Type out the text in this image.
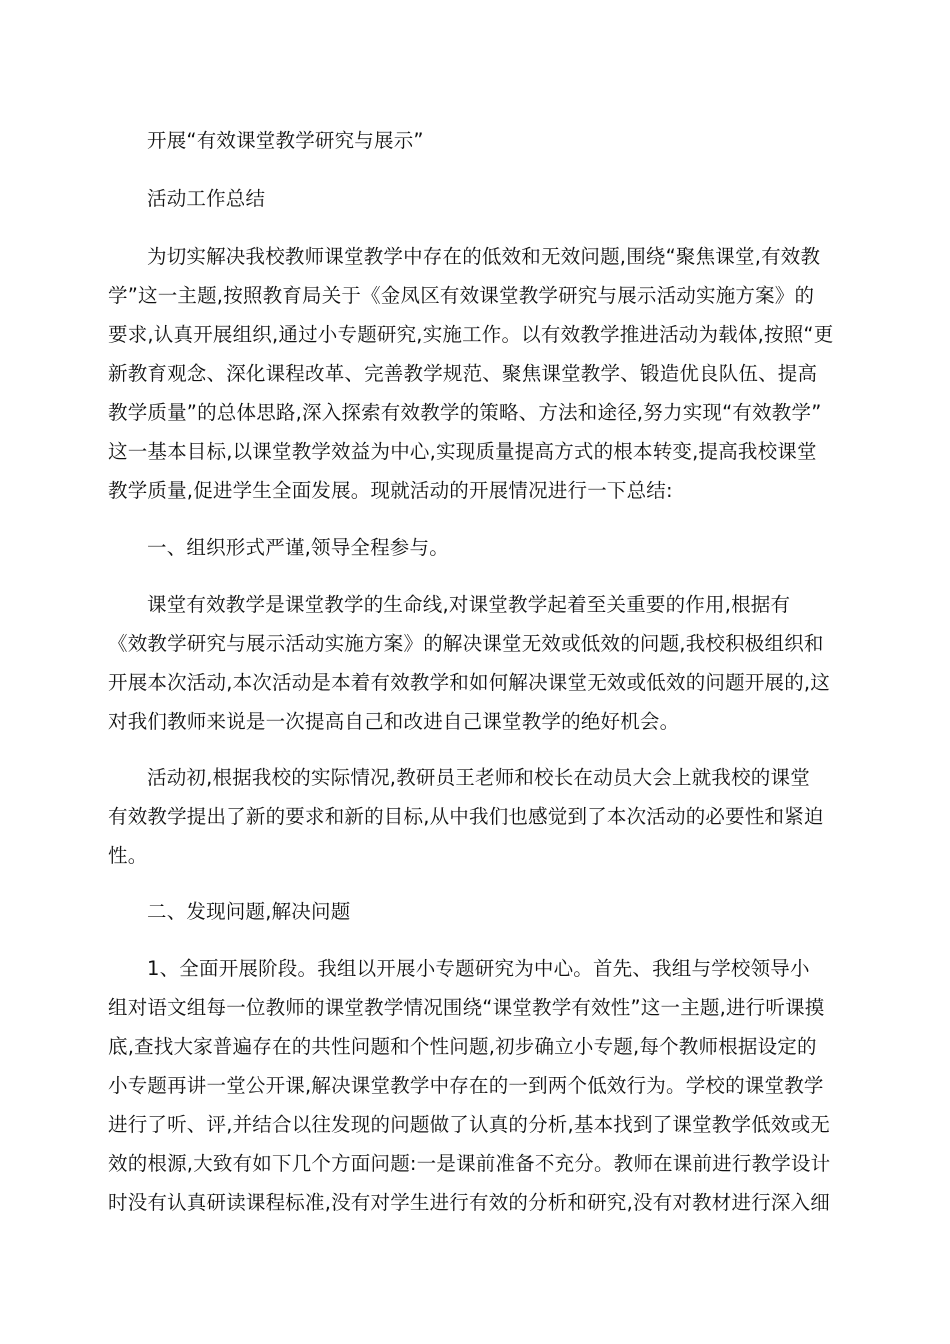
开展“有效课堂教学研究与展示”
活动工作总结
为切实解决我校教师课堂教学中存在的低效和无效问题,围绕“聚焦课堂,有效教
学”这一主题,按照教育局关于《金凤区有效课堂教学研究与展示活动实施方案》的
要求,认真开展组织,通过小专题研究,实施工作。以有效教学推进活动为载体,按照“更
新教育观念、深化课程改革、完善教学规范、聚焦课堂教学、锻造优良队伍、提高
教学质量”的总体思路,深入探索有效教学的策略、方法和途径,努力实现“有效教学”
这一基本目标,以课堂教学效益为中心,实现质量提高方式的根本转变,提高我校课堂
教学质量,促进学生全面发展。现就活动的开展情况进行一下总结:
一、组织形式严谨,领导全程参与。
课堂有效教学是课堂教学的生命线,对课堂教学起着至关重要的作用,根据有
《效教学研究与展示活动实施方案》的解决课堂无效或低效的问题,我校积极组织和
开展本次活动,本次活动是本着有效教学和如何解决课堂无效或低效的问题开展的,这
对我们教师来说是一次提高自己和改进自己课堂教学的绝好机会。
活动初,根据我校的实际情况,教研员王老师和校长在动员大会上就我校的课堂
有效教学提出了新的要求和新的目标,从中我们也感觉到了本次活动的必要性和紧迫
性。
二、发现问题,解决问题
1、全面开展阶段。我组以开展小专题研究为中心。首先、我组与学校领导小
组对语文组每一位教师的课堂教学情况围绕“课堂教学有效性”这一主题,进行听课摸
底,查找大家普遍存在的共性问题和个性问题,初步确立小专题,每个教师根据设定的
小专题再讲一堂公开课,解决课堂教学中存在的一到两个低效行为。学校的课堂教学
进行了听、评,并结合以往发现的问题做了认真的分析,基本找到了课堂教学低效或无
效的根源,大致有如下几个方面问题:一是课前准备不充分。教师在课前进行教学设计
时没有认真研读课程标准,没有对学生进行有效的分析和研究,没有对教材进行深入细
